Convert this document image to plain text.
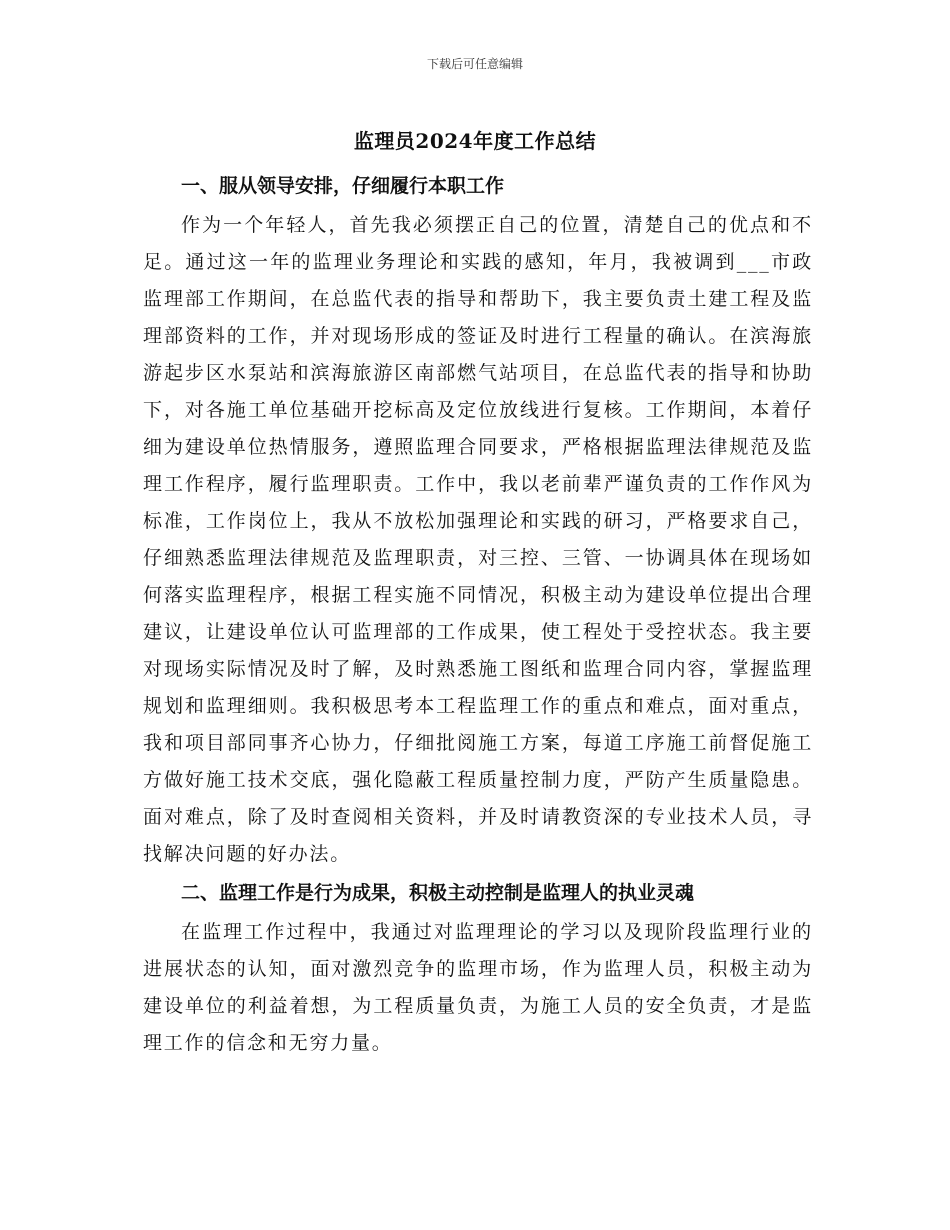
下载后可任意编辑
监理员2024年度工作总结
一、服从领导安排，仔细履行本职工作

作为一个年轻人，首先我必须摆正自己的位置，清楚自己的优点和不足。通过这一年的监理业务理论和实践的感知，年月，我被调到___市政监理部工作期间，在总监代表的指导和帮助下，我主要负责土建工程及监理部资料的工作，并对现场形成的签证及时进行工程量的确认。在滨海旅游起步区水泵站和滨海旅游区南部燃气站项目，在总监代表的指导和协助下，对各施工单位基础开挖标高及定位放线进行复核。工作期间，本着仔细为建设单位热情服务，遵照监理合同要求，严格根据监理法律规范及监理工作程序，履行监理职责。工作中，我以老前辈严谨负责的工作作风为标准，工作岗位上，我从不放松加强理论和实践的研习，严格要求自己，仔细熟悉监理法律规范及监理职责，对三控、三管、一协调具体在现场如何落实监理程序，根据工程实施不同情况，积极主动为建设单位提出合理建议，让建设单位认可监理部的工作成果，使工程处于受控状态。我主要对现场实际情况及时了解，及时熟悉施工图纸和监理合同内容，掌握监理规划和监理细则。我积极思考本工程监理工作的重点和难点，面对重点，我和项目部同事齐心协力，仔细批阅施工方案，每道工序施工前督促施工方做好施工技术交底，强化隐蔽工程质量控制力度，严防产生质量隐患。面对难点，除了及时查阅相关资料，并及时请教资深的专业技术人员，寻找解决问题的好办法。

二、监理工作是行为成果，积极主动控制是监理人的执业灵魂

在监理工作过程中，我通过对监理理论的学习以及现阶段监理行业的进展状态的认知，面对激烈竞争的监理市场，作为监理人员，积极主动为建设单位的利益着想，为工程质量负责，为施工人员的安全负责，才是监理工作的信念和无穷力量。
